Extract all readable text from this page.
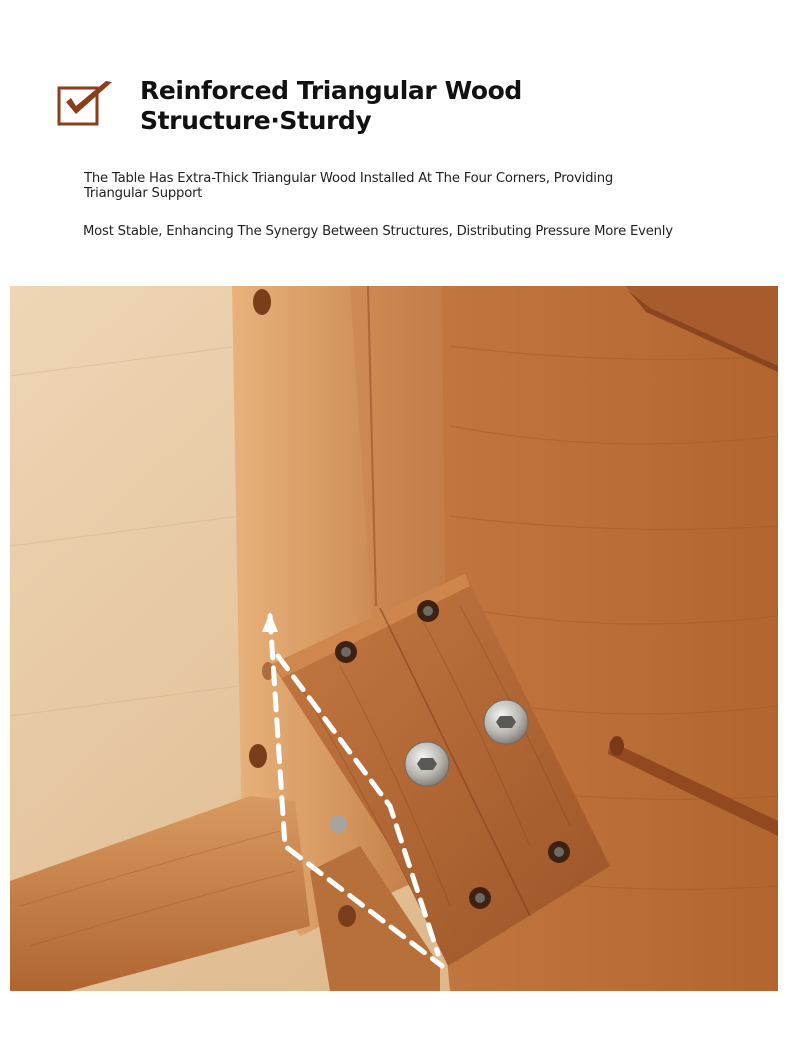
Reinforced Triangular Wood
Structure·Sturdy
The Table Has Extra-Thick Triangular Wood Installed At The Four Corners, Providing Triangular Support
Most Stable, Enhancing The Synergy Between Structures, Distributing Pressure More Evenly
